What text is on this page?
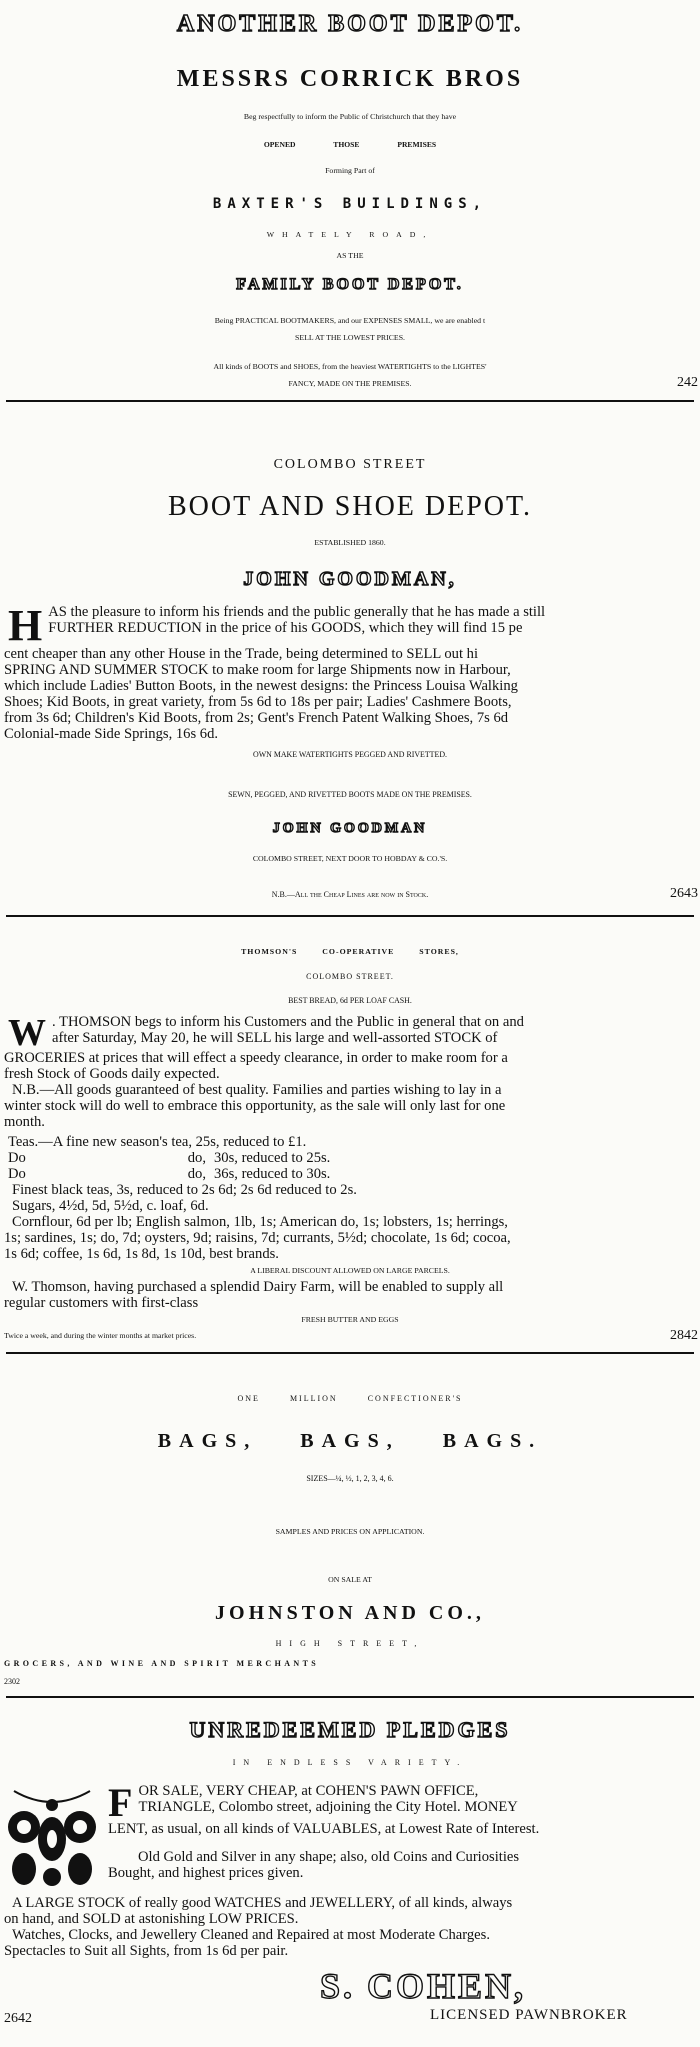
ANOTHER BOOT DEPOT.
MESSRS CORRICK BROS
Beg respectfully to inform the Public of Christchurch that they have
OPENED THOSE PREMISES
Forming Part of
BAXTER'S BUILDINGS,
WHATELY ROAD,
AS THE
FAMILY BOOT DEPOT.
Being PRACTICAL BOOTMAKERS, and our EXPENSES SMALL, we are enabled t
SELL AT THE LOWEST PRICES.
All kinds of BOOTS and SHOES, from the heaviest WATERTIGHTS to the LIGHTES'
FANCY, MADE ON THE PREMISES.	242
COLOMBO STREET
BOOT AND SHOE DEPOT.
ESTABLISHED 1860.
JOHN GOODMAN,
H AS the pleasure to inform his friends and the public generally that he has made a still
FURTHER REDUCTION in the price of his GOODS, which they will find 15 pe
cent cheaper than any other House in the Trade, being determined to SELL out hi
SPRING AND SUMMER STOCK to make room for large Shipments now in Harbour,
which include Ladies' Button Boots, in the newest designs: the Princess Louisa Walking
Shoes; Kid Boots, in great variety, from 5s 6d to 18s per pair; Ladies' Cashmere Boots,
from 3s 6d; Children's Kid Boots, from 2s; Gent's French Patent Walking Shoes, 7s 6d
Colonial-made Side Springs, 16s 6d.
OWN MAKE WATERTIGHTS PEGGED AND RIVETTED.
SEWN, PEGGED, AND RIVETTED BOOTS MADE ON THE PREMISES.
JOHN GOODMAN
COLOMBO STREET, NEXT DOOR TO HOBDAY & CO.'S.
N.B.—All the Cheap Lines are now in Stock.	2643
THOMSON'S CO-OPERATIVE STORES,
COLOMBO STREET.
BEST BREAD, 6d PER LOAF CASH.
W . THOMSON begs to inform his Customers and the Public in general that on and
after Saturday, May 20, he will SELL his large and well-assorted STOCK of
GROCERIES at prices that will effect a speedy clearance, in order to make room for a
fresh Stock of Goods daily expected.
N.B.—All goods guaranteed of best quality. Families and parties wishing to lay in a
winter stock will do well to embrace this opportunity, as the sale will only last for one
month.
Teas.—A fine new season's tea, 25s, reduced to £1.
Do	do, 30s, reduced to 25s.
Do	do, 36s, reduced to 30s.
Finest black teas, 3s, reduced to 2s 6d; 2s 6d reduced to 2s.
Sugars, 4½d, 5d, 5½d, c. loaf, 6d.
Cornflour, 6d per lb; English salmon, 1lb, 1s; American do, 1s; lobsters, 1s; herrings,
1s; sardines, 1s; do, 7d; oysters, 9d; raisins, 7d; currants, 5½d; chocolate, 1s 6d; cocoa,
1s 6d; coffee, 1s 6d, 1s 8d, 1s 10d, best brands.
A LIBERAL DISCOUNT ALLOWED ON LARGE PARCELS.
W. Thomson, having purchased a splendid Dairy Farm, will be enabled to supply all
regular customers with first-class
FRESH BUTTER AND EGGS
Twice a week, and during the winter months at market prices.	2842
ONE MILLION CONFECTIONER'S
BAGS, BAGS, BAGS.
SIZES—¼, ½, 1, 2, 3, 4, 6.
SAMPLES AND PRICES ON APPLICATION.
ON SALE AT
JOHNSTON AND CO.,
HIGH STREET,
GROCERS, AND WINE AND SPIRIT MERCHANTS
2302
UNREDEEMED PLEDGES
IN ENDLESS VARIETY.
F OR SALE, VERY CHEAP, at COHEN'S PAWN OFFICE,
TRIANGLE, Colombo street, adjoining the City Hotel. MONEY
LENT, as usual, on all kinds of VALUABLES, at Lowest Rate of Interest.
Old Gold and Silver in any shape; also, old Coins and Curiosities
Bought, and highest prices given.
A LARGE STOCK of really good WATCHES and JEWELLERY, of all kinds, always
on hand, and SOLD at astonishing LOW PRICES.
Watches, Clocks, and Jewellery Cleaned and Repaired at most Moderate Charges.
Spectacles to Suit all Sights, from 1s 6d per pair.
S. COHEN,
2642	LICENSED PAWNBROKER
